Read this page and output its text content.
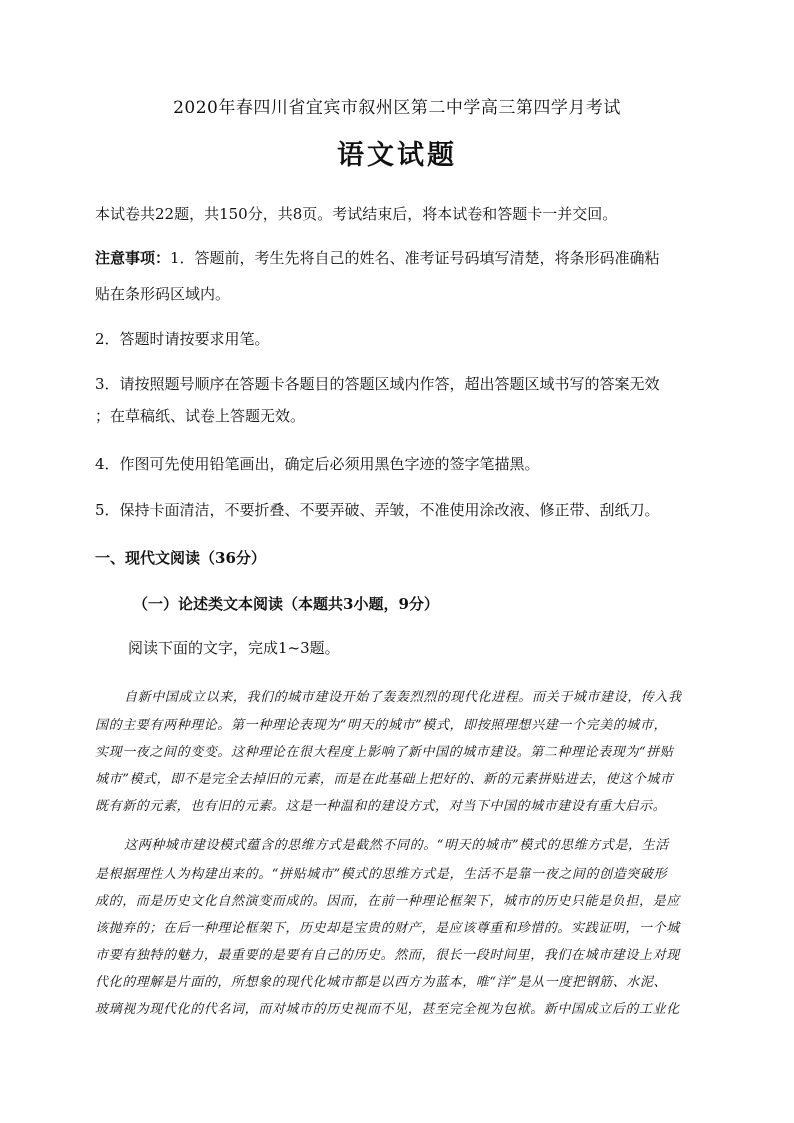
2020年春四川省宜宾市叙州区第二中学高三第四学月考试
语文试题
本试卷共22题，共150分，共8页。考试结束后，将本试卷和答题卡一并交回。
注意事项：1．答题前，考生先将自己的姓名、准考证号码填写清楚，将条形码准确粘
贴在条形码区域内。
2．答题时请按要求用笔。
3．请按照题号顺序在答题卡各题目的答题区域内作答，超出答题区域书写的答案无效
；在草稿纸、试卷上答题无效。
4．作图可先使用铅笔画出，确定后必须用黑色字迹的签字笔描黑。
5．保持卡面清洁，不要折叠、不要弄破、弄皱，不准使用涂改液、修正带、刮纸刀。
一、现代文阅读（36分）
（一）论述类文本阅读（本题共3小题，9分）
阅读下面的文字，完成1~3题。
自新中国成立以来，我们的城市建设开始了轰轰烈烈的现代化进程。而关于城市建设，传入我
国的主要有两种理论。第一种理论表现为“明天的城市”模式，即按照理想兴建一个完美的城市，
实现一夜之间的变变。这种理论在很大程度上影响了新中国的城市建设。第二种理论表现为“拼贴
城市”模式，即不是完全去掉旧的元素，而是在此基础上把好的、新的元素拼贴进去，使这个城市
既有新的元素，也有旧的元素。这是一种温和的建设方式，对当下中国的城市建设有重大启示。
这两种城市建设模式蕴含的思维方式是截然不同的。“明天的城市”模式的思维方式是，生活
是根据理性人为构建出来的。“拼贴城市”模式的思维方式是，生活不是靠一夜之间的创造突破形
成的，而是历史文化自然演变而成的。因而，在前一种理论框架下，城市的历史只能是负担，是应
该抛弃的；在后一种理论框架下，历史却是宝贵的财产，是应该尊重和珍惜的。实践证明，一个城
市要有独特的魅力，最重要的是要有自己的历史。然而，很长一段时间里，我们在城市建设上对现
代化的理解是片面的，所想象的现代化城市都是以西方为蓝本，唯“洋”是从一度把钢筋、水泥、
玻璃视为现代化的代名词，而对城市的历史视而不见，甚至完全视为包袱。新中国成立后的工业化
